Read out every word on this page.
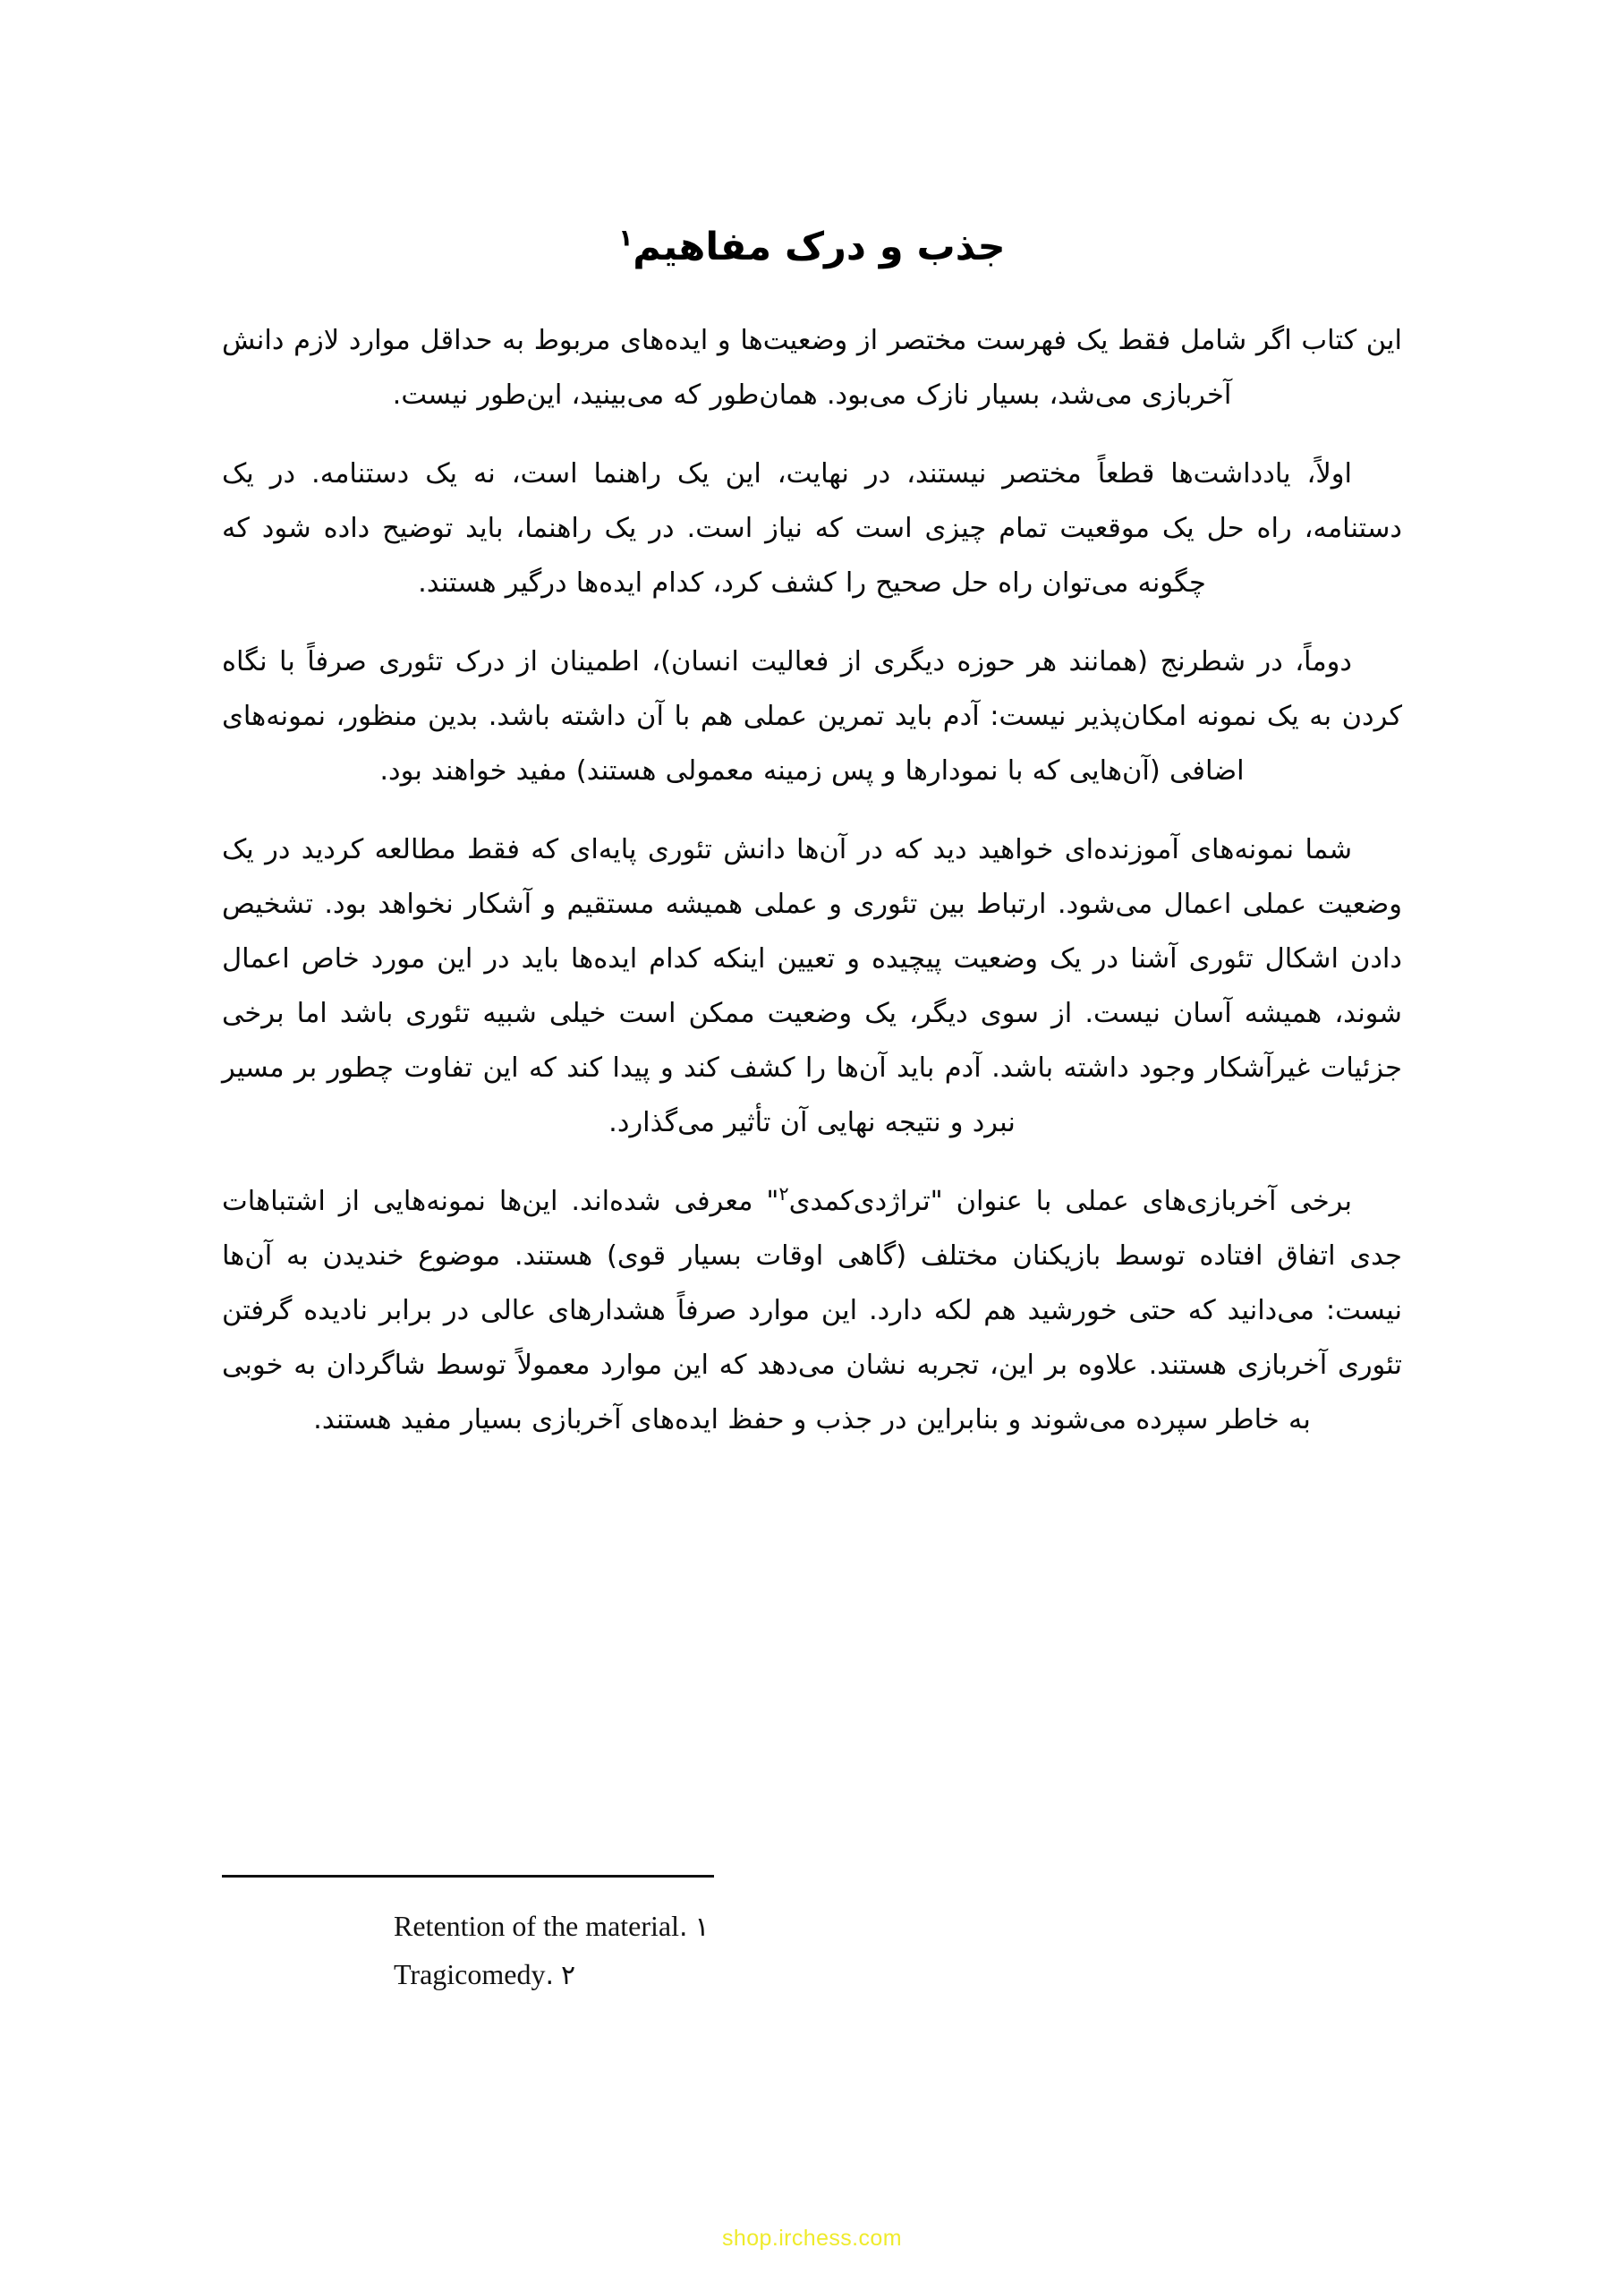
جذب و درک مفاهیم$^۱$

این کتاب اگر شامل فقط یک فهرست مختصر از وضعیت‌ها و ایده‌های مربوط به حداقل موارد لازم دانش آخربازی می‌شد، بسیار نازک می‌بود. همان‌طور که می‌بینید، این‌طور نیست.

اولاً، یادداشت‌ها قطعاً مختصر نیستند، در نهایت، این یک راهنما است، نه یک دستنامه. در یک دستنامه، راه حل یک موقعیت تمام چیزی است که نیاز است. در یک راهنما، باید توضیح داده شود که چگونه می‌توان راه حل صحیح را کشف کرد، کدام ایده‌ها درگیر هستند.

دوماً، در شطرنج (همانند هر حوزه دیگری از فعالیت انسان)، اطمینان از درک تئوری صرفاً با نگاه کردن به یک نمونه امکان‌پذیر نیست: آدم باید تمرین عملی هم با آن داشته باشد. بدین منظور، نمونه‌های اضافی (آن‌هایی که با نمودارها و پس زمینه معمولی هستند) مفید خواهند بود.

شما نمونه‌های آموزنده‌ای خواهید دید که در آن‌ها دانش تئوری پایه‌ای که فقط مطالعه کردید در یک وضعیت عملی اعمال می‌شود. ارتباط بین تئوری و عملی همیشه مستقیم و آشکار نخواهد بود. تشخیص دادن اشکال تئوری آشنا در یک وضعیت پیچیده و تعیین اینکه کدام ایده‌ها باید در این مورد خاص اعمال شوند، همیشه آسان نیست. از سوی دیگر، یک وضعیت ممکن است خیلی شبیه تئوری باشد اما برخی جزئیات غیرآشکار وجود داشته باشد. آدم باید آن‌ها را کشف کند و پیدا کند که این تفاوت چطور بر مسیر نبرد و نتیجه نهایی آن تأثیر می‌گذارد.

برخی آخربازی‌های عملی با عنوان "تراژدی‌کمدی$^۲$" معرفی شده‌اند. این‌ها نمونه‌هایی از اشتباهات جدی اتفاق افتاده توسط بازیکنان مختلف (گاهی اوقات بسیار قوی) هستند. موضوع خندیدن به آن‌ها نیست: می‌دانید که حتی خورشید هم لکه دارد. این موارد صرفاً هشدارهای عالی در برابر نادیده گرفتن تئوری آخربازی هستند. علاوه بر این، تجربه نشان می‌دهد که این موارد معمولاً توسط شاگردان به خوبی به خاطر سپرده می‌شوند و بنابراین در جذب و حفظ ایده‌های آخربازی بسیار مفید هستند.

Retention of the material. ۱
Tragicomedy. ۲
shop.irchess.com
